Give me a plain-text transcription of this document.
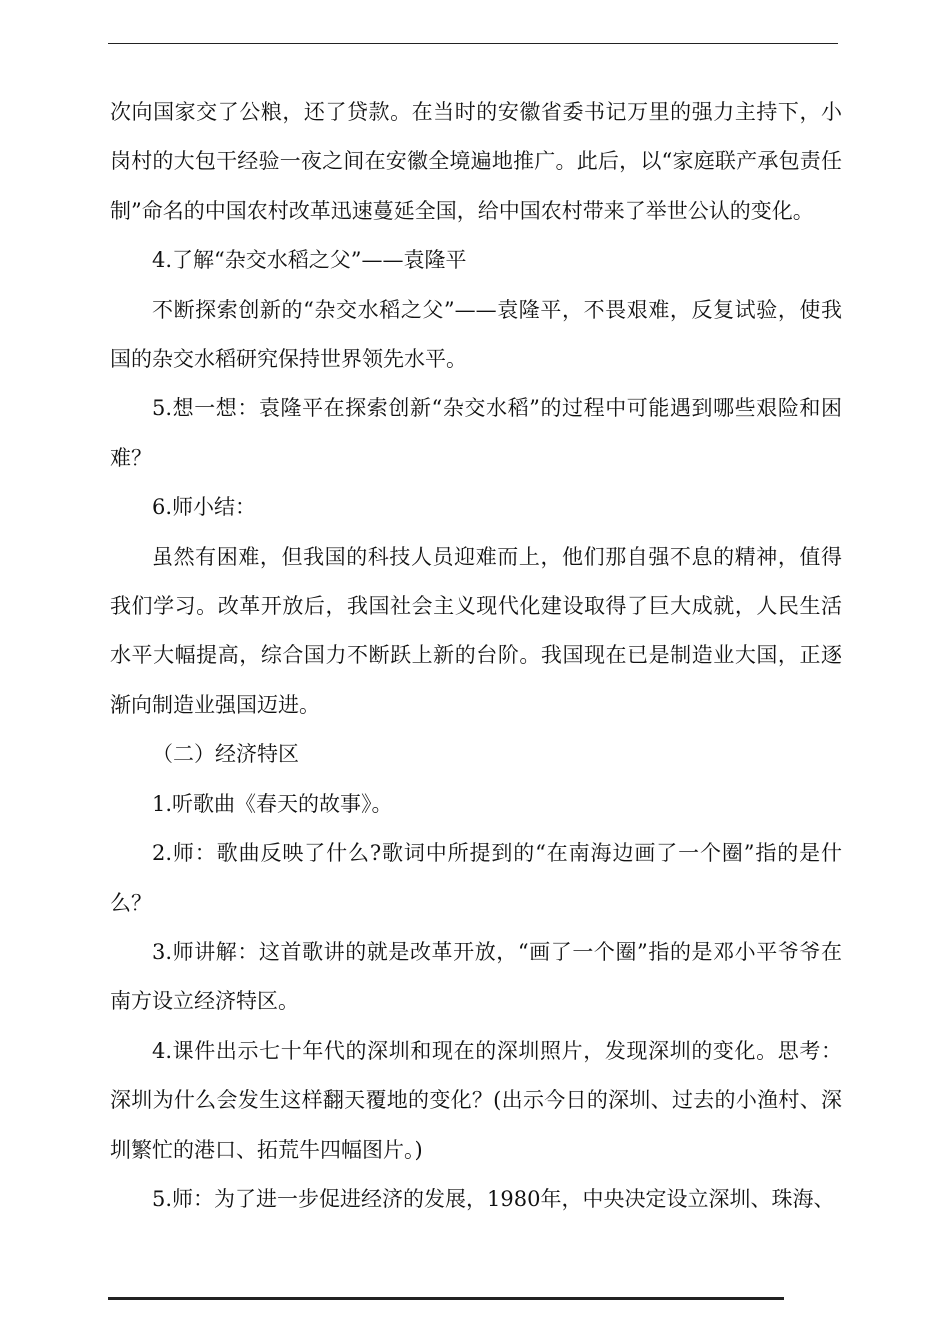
次向国家交了公粮，还了贷款。在当时的安徽省委书记万里的强力主持下，小岗村的大包干经验一夜之间在安徽全境遍地推广。此后，以“家庭联产承包责任制”命名的中国农村改革迅速蔓延全国，给中国农村带来了举世公认的变化。

4.了解“杂交水稻之父”——袁隆平

不断探索创新的“杂交水稻之父”——袁隆平，不畏艰难，反复试验，使我国的杂交水稻研究保持世界领先水平。

5.想一想：袁隆平在探索创新“杂交水稻”的过程中可能遇到哪些艰险和困难？

6.师小结：

虽然有困难，但我国的科技人员迎难而上，他们那自强不息的精神，值得我们学习。改革开放后，我国社会主义现代化建设取得了巨大成就，人民生活水平大幅提高，综合国力不断跃上新的台阶。我国现在已是制造业大国，正逐渐向制造业强国迈进。

（二）经济特区

1.听歌曲《春天的故事》。

2.师：歌曲反映了什么?歌词中所提到的“在南海边画了一个圈”指的是什么？

3.师讲解：这首歌讲的就是改革开放，“画了一个圈”指的是邓小平爷爷在南方设立经济特区。

4.课件出示七十年代的深圳和现在的深圳照片，发现深圳的变化。思考：深圳为什么会发生这样翻天覆地的变化？(出示今日的深圳、过去的小渔村、深圳繁忙的港口、拓荒牛四幅图片。)

5.师：为了进一步促进经济的发展，1980年，中央决定设立深圳、珠海、
